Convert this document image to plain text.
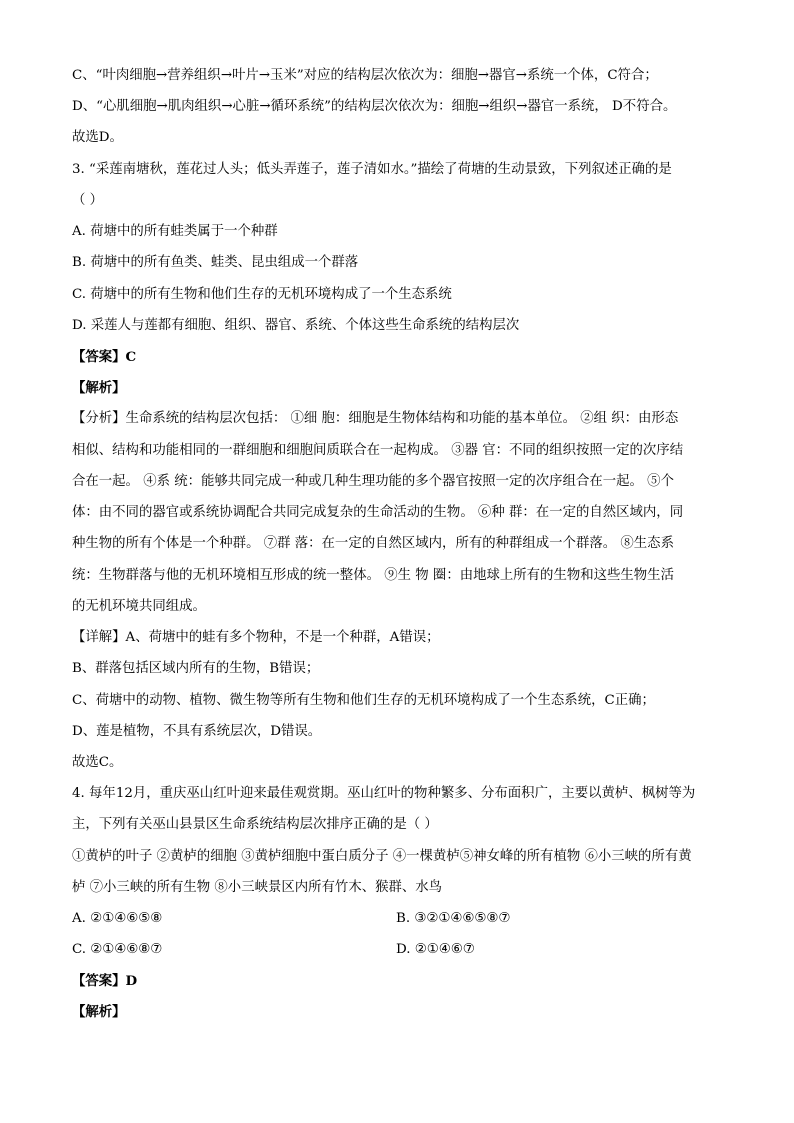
C、“叶肉细胞→营养组织→叶片→玉米”对应的结构层次依次为：细胞→器官→系统一个体，C符合；
D、“心肌细胞→肌肉组织→心脏→循环系统”的结构层次依次为：细胞→组织→器官一系统， D不符合。
故选D。
3. “采莲南塘秋，莲花过人头；低头弄莲子，莲子清如水。”描绘了荷塘的生动景致，下列叙述正确的是
（ ）
A. 荷塘中的所有蛙类属于一个种群
B. 荷塘中的所有鱼类、蛙类、昆虫组成一个群落
C. 荷塘中的所有生物和他们生存的无机环境构成了一个生态系统
D. 采莲人与莲都有细胞、组织、器官、系统、个体这些生命系统的结构层次
【答案】C
【解析】
【分析】生命系统的结构层次包括： ①细 胞：细胞是生物体结构和功能的基本单位。 ②组 织：由形态
相似、结构和功能相同的一群细胞和细胞间质联合在一起构成。 ③器 官：不同的组织按照一定的次序结
合在一起。 ④系 统：能够共同完成一种或几种生理功能的多个器官按照一定的次序组合在一起。 ⑤个
体：由不同的器官或系统协调配合共同完成复杂的生命活动的生物。 ⑥种 群：在一定的自然区域内，同
种生物的所有个体是一个种群。 ⑦群 落：在一定的自然区域内，所有的种群组成一个群落。 ⑧生态系
统：生物群落与他的无机环境相互形成的统一整体。 ⑨生 物 圈：由地球上所有的生物和这些生物生活
的无机环境共同组成。
【详解】A、荷塘中的蛙有多个物种，不是一个种群，A错误；
B、群落包括区域内所有的生物，B错误；
C、荷塘中的动物、植物、微生物等所有生物和他们生存的无机环境构成了一个生态系统，C正确；
D、莲是植物，不具有系统层次，D错误。
故选C。
4. 每年12月，重庆巫山红叶迎来最佳观赏期。巫山红叶的物种繁多、分布面积广，主要以黄栌、枫树等为
主，下列有关巫山县景区生命系统结构层次排序正确的是（ ）
①黄栌的叶子 ②黄栌的细胞 ③黄栌细胞中蛋白质分子 ④一棵黄栌⑤神女峰的所有植物 ⑥小三峡的所有黄
栌 ⑦小三峡的所有生物 ⑧小三峡景区内所有竹木、猴群、水鸟
A. ②①④⑥⑤⑧	B. ③②①④⑥⑤⑧⑦
C. ②①④⑥⑧⑦	D. ②①④⑥⑦
【答案】D
【解析】
